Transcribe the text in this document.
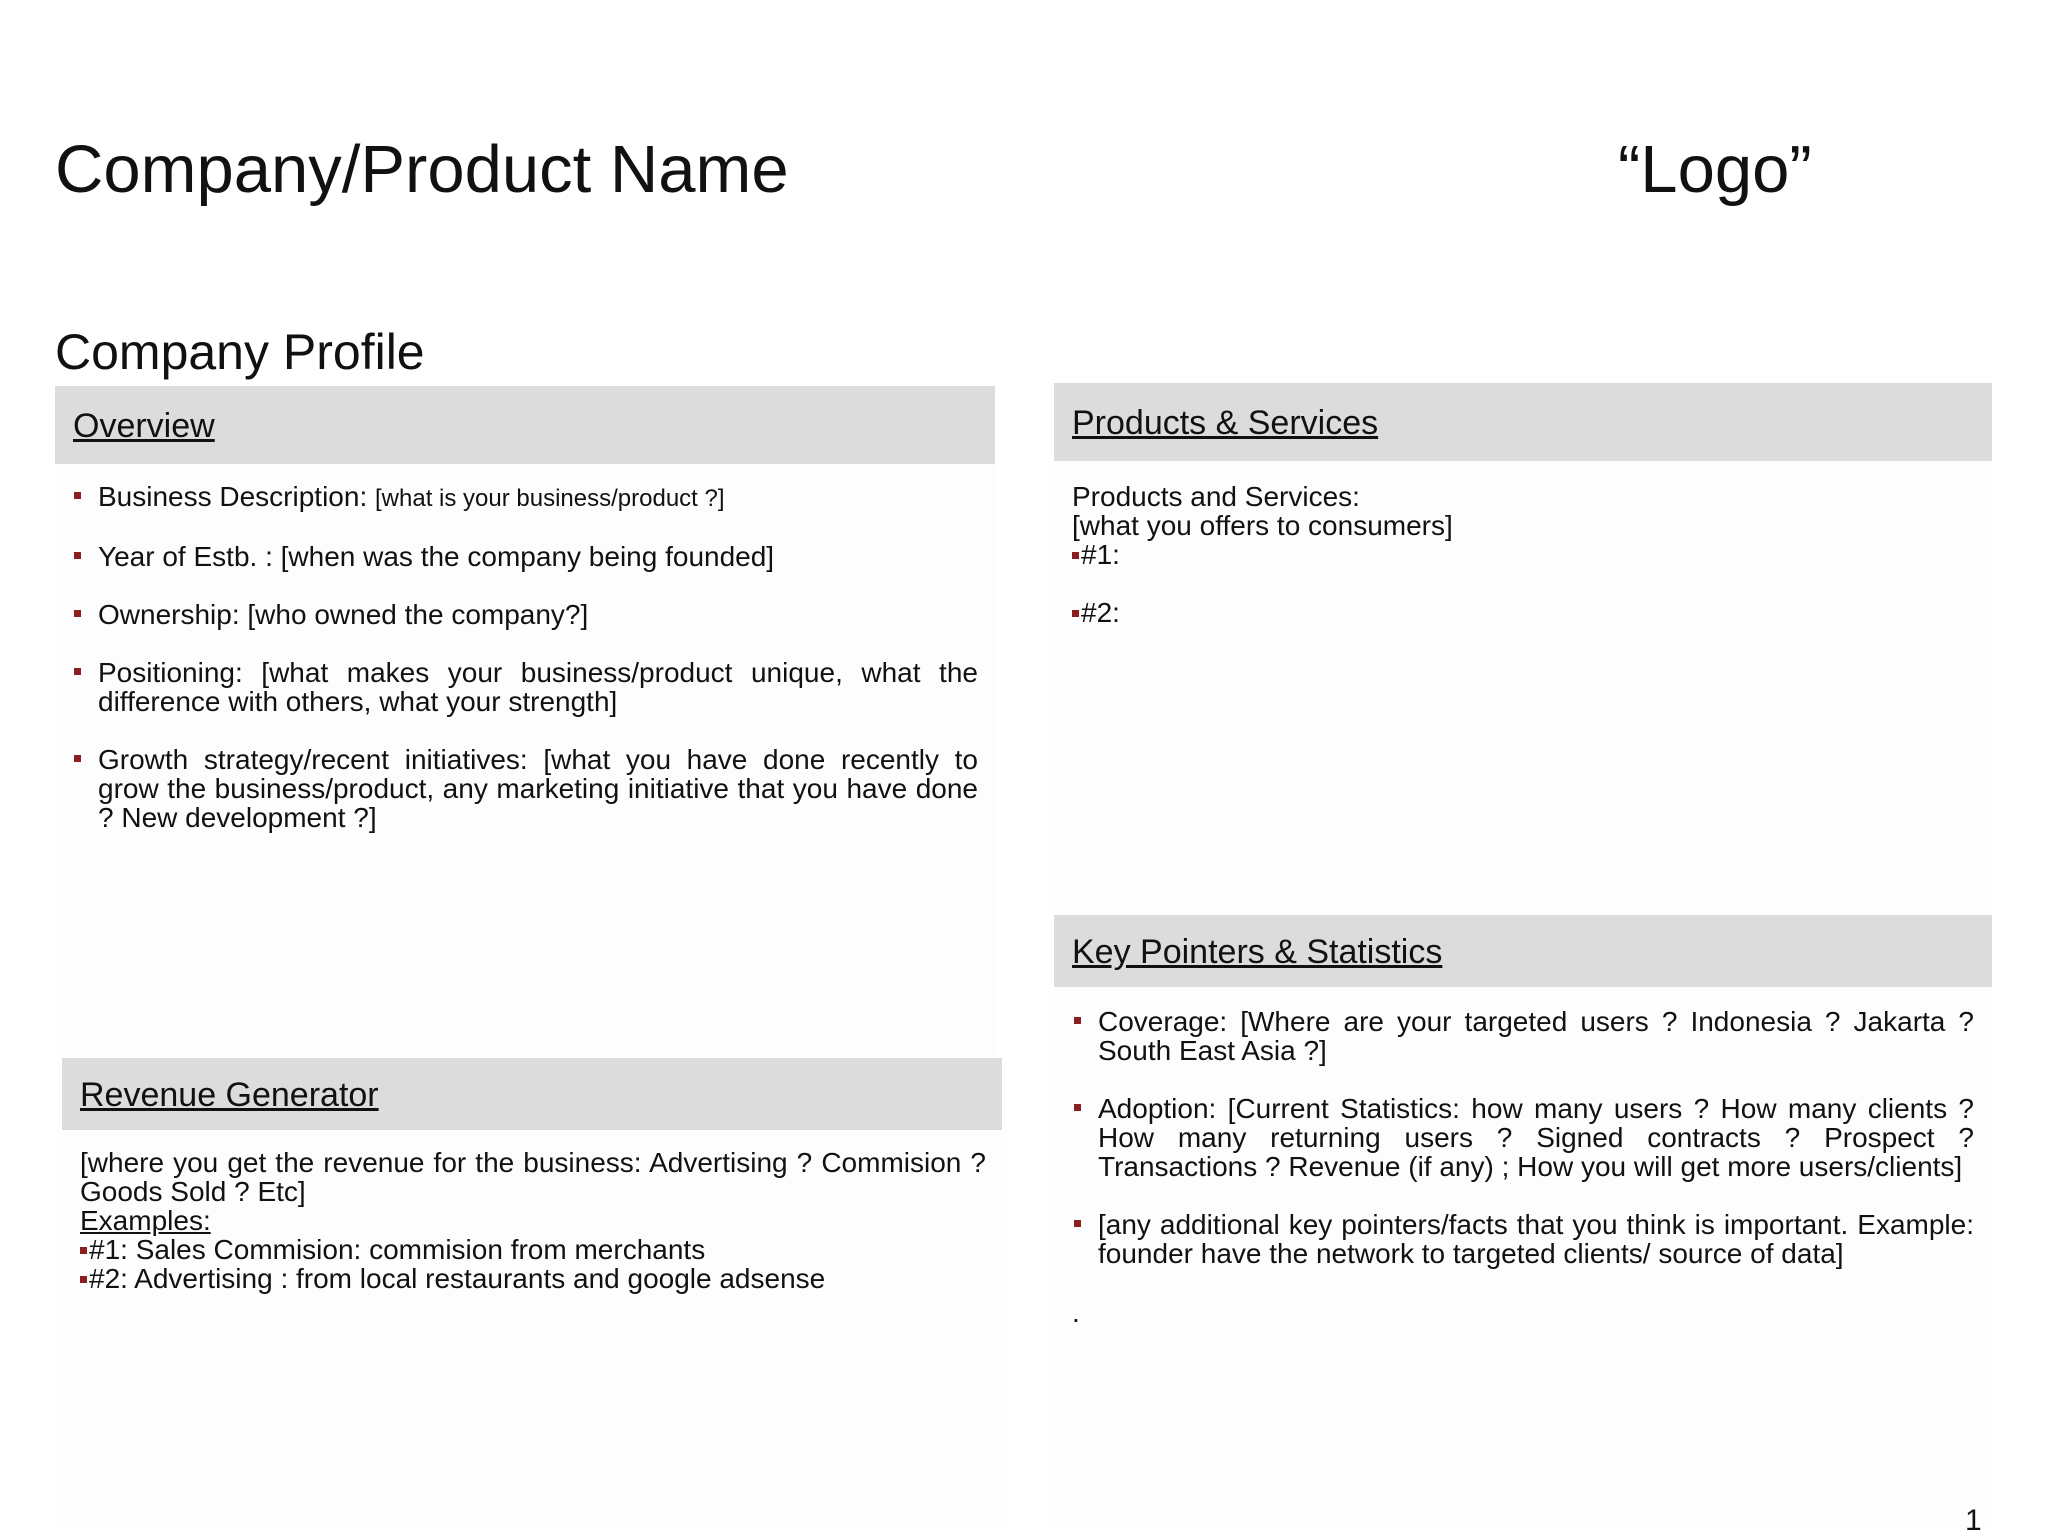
Company/Product Name	“Logo”
Company Profile
Overview
Business Description: [what is your business/product ?]
Year of Estb. : [when was the company being founded]
Ownership: [who owned the company?]
Positioning: [what makes your business/product unique, what the difference with others, what your strength]
Growth strategy/recent initiatives: [what you have done recently to grow the business/product, any marketing initiative that you have done ? New development ?]
Revenue Generator
[where you get the revenue for the business: Advertising ? Commision ? Goods Sold ? Etc]
Examples:
#1: Sales Commision: commision from merchants
#2: Advertising : from local restaurants and google adsense
Products & Services
Products and Services:
[what you offers to consumers]
#1:
#2:
Key Pointers & Statistics
Coverage: [Where are your targeted users ? Indonesia ? Jakarta ? South East Asia ?]
Adoption: [Current Statistics: how many users ? How many clients ? How many returning users ? Signed contracts ? Prospect ? Transactions ? Revenue (if any) ; How you will get more users/clients]
[any additional key pointers/facts that you think is important. Example: founder have the network to targeted clients/ source of data]
.
1
